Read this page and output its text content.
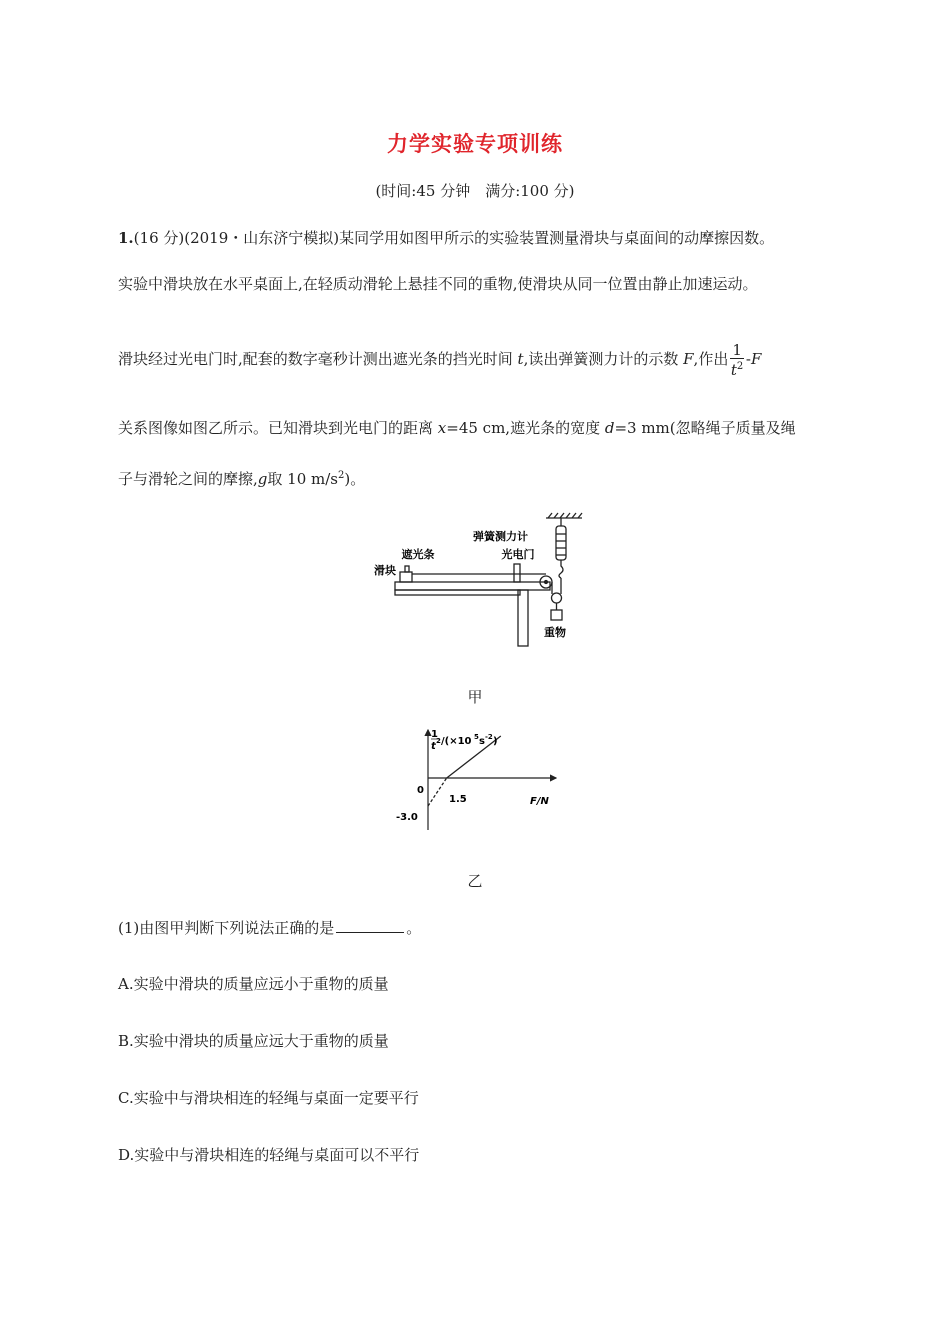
力学实验专项训练
(时间:45 分钟　满分:100 分)
1.(16 分)(2019・山东济宁模拟)某同学用如图甲所示的实验装置测量滑块与桌面间的动摩擦因数。
实验中滑块放在水平桌面上,在轻质动滑轮上悬挂不同的重物,使滑块从同一位置由静止加速运动。
滑块经过光电门时,配套的数字毫秒计测出遮光条的挡光时间 t,读出弹簧测力计的示数 F,作出 $\frac{1}{t^2} -F$
关系图像如图乙所示。已知滑块到光电门的距离 x=45 cm,遮光条的宽度 d=3 mm(忽略绳子质量及绳
子与滑轮之间的摩擦,g取 10 $m/s^2$)。
弹簧测力计
遮光条	光电门
滑块
重物
甲
1
t 2 /(×10 5 s -2 )
0
1.5
-3.0
F/N
乙
(1)由图甲判断下列说法正确的是	。
A.实验中滑块的质量应远小于重物的质量
B.实验中滑块的质量应远大于重物的质量
C.实验中与滑块相连的轻绳与桌面一定要平行
D.实验中与滑块相连的轻绳与桌面可以不平行
